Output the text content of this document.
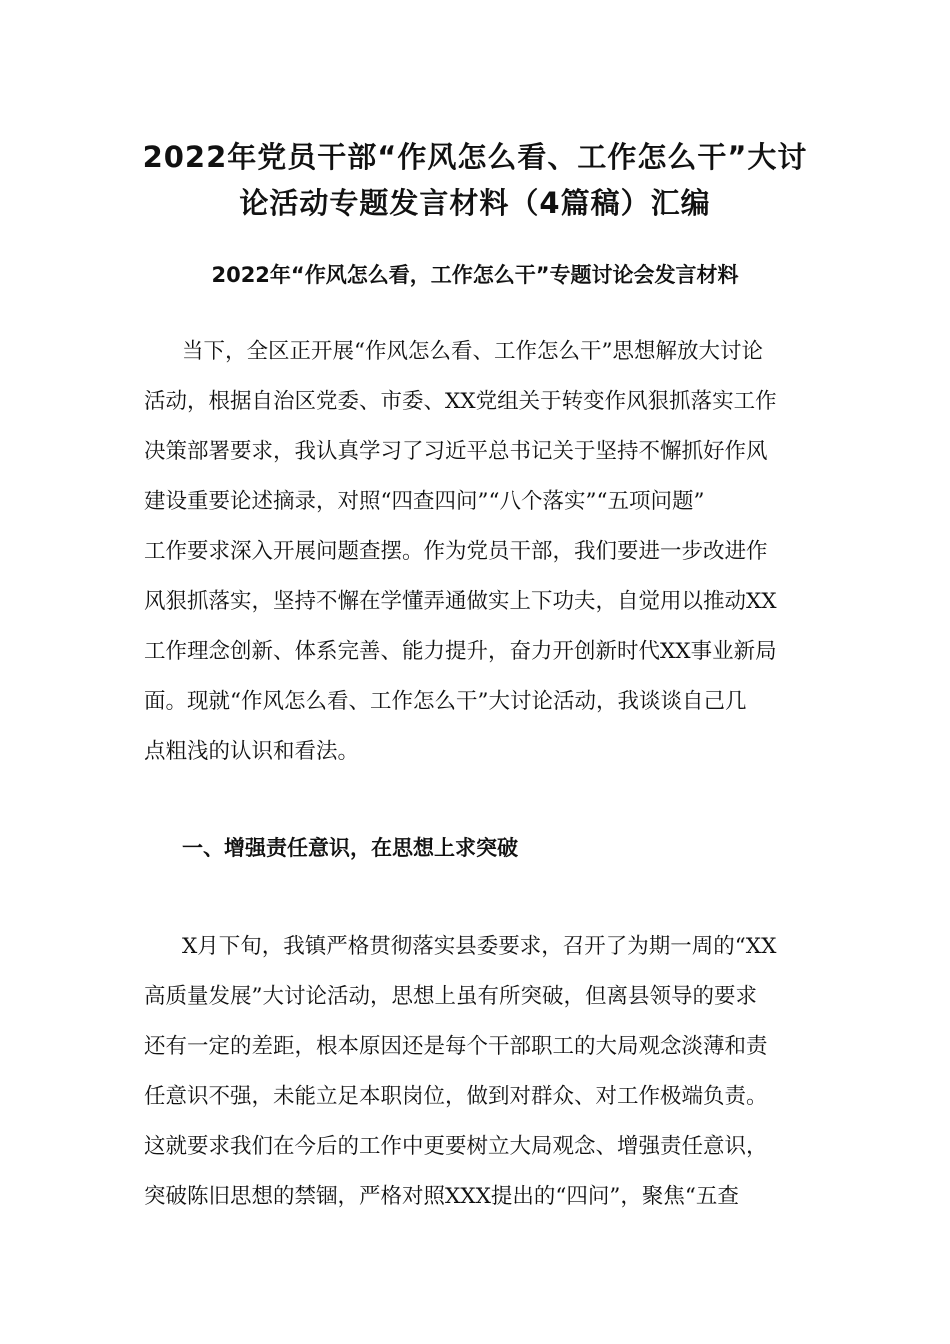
2022年党员干部“作风怎么看、工作怎么干”大讨
论活动专题发言材料（4篇稿）汇编
2022年“作风怎么看，工作怎么干”专题讨论会发言材料
当下，全区正开展“作风怎么看、工作怎么干”思想解放大讨论
活动，根据自治区党委、市委、XX党组关于转变作风狠抓落实工作
决策部署要求，我认真学习了习近平总书记关于坚持不懈抓好作风
建设重要论述摘录，对照“四查四问”“八个落实”“五项问题”
工作要求深入开展问题查摆。作为党员干部，我们要进一步改进作
风狠抓落实，坚持不懈在学懂弄通做实上下功夫，自觉用以推动XX
工作理念创新、体系完善、能力提升，奋力开创新时代XX事业新局
面。现就“作风怎么看、工作怎么干”大讨论活动，我谈谈自己几
点粗浅的认识和看法。
一、增强责任意识，在思想上求突破
X月下旬，我镇严格贯彻落实县委要求，召开了为期一周的“XX
高质量发展”大讨论活动，思想上虽有所突破，但离县领导的要求
还有一定的差距，根本原因还是每个干部职工的大局观念淡薄和责
任意识不强，未能立足本职岗位，做到对群众、对工作极端负责。
这就要求我们在今后的工作中更要树立大局观念、增强责任意识，
突破陈旧思想的禁锢，严格对照XXX提出的“四问”，聚焦“五查
